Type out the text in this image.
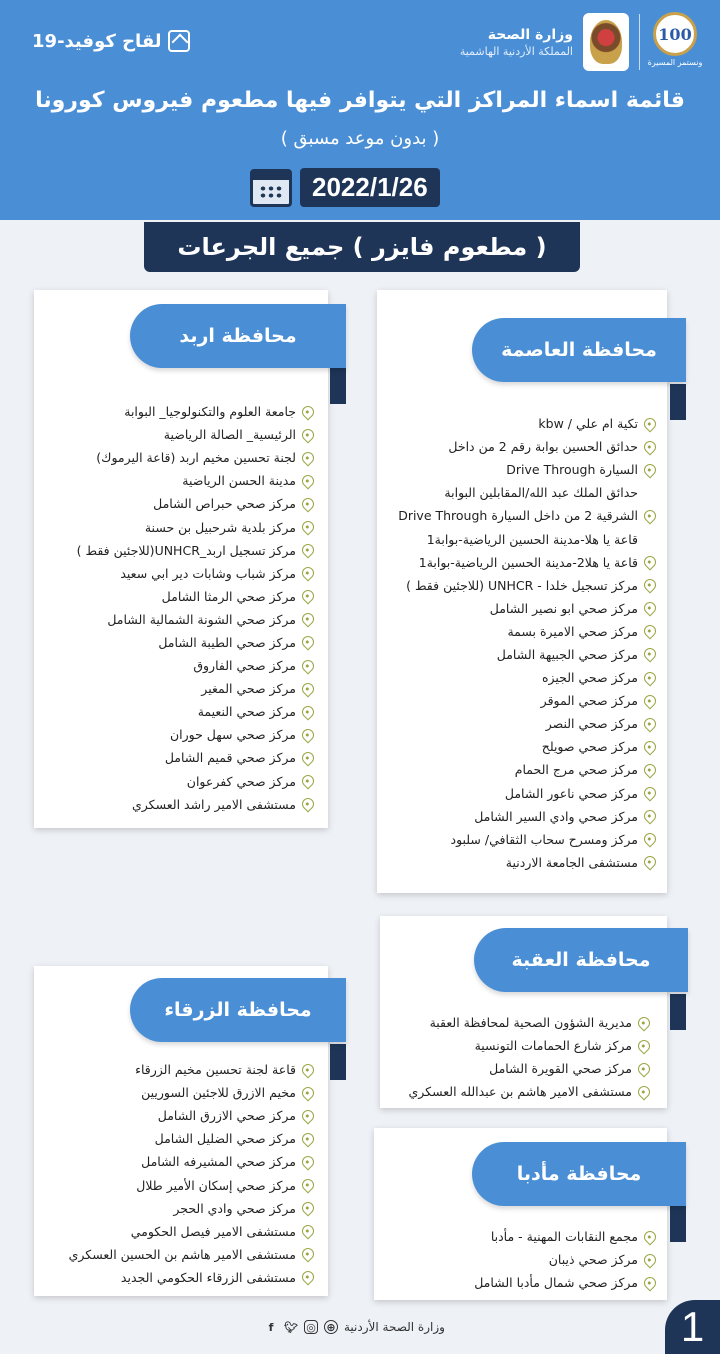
100
ونستمر المسيرة
وزارة الصحة
المملكة الأردنية الهاشمية
لقاح كوفيد-19
قائمة اسماء المراكز التي يتوافر فيها مطعوم فيروس كورونا
( بدون موعد مسبق )
2022/1/26
( مطعوم فايزر ) جميع الجرعات
محافظة العاصمة
تكية ام علي / kbw
حدائق الحسين بوابة رقم 2 من داخل
السيارة Drive Through
حدائق الملك عبد الله/المقابلين البوابة
الشرقية 2 من داخل السيارة Drive Through
قاعة يا هلا-مدينة الحسين الرياضية-بوابة1
قاعة يا هلا2-مدينة الحسين الرياضية-بوابة1
مركز تسجيل خلدا - UNHCR (للاجئين فقط )
مركز صحي ابو نصير الشامل
مركز صحي الاميرة بسمة
مركز صحي الجبيهة الشامل
مركز صحي الجيزه
مركز صحي الموقر
مركز صحي النصر
مركز صحي صويلح
مركز صحي مرج الحمام
مركز صحي ناعور الشامل
مركز صحي وادي السير الشامل
مركز ومسرح سحاب الثقافي/ سلبود
مستشفى الجامعة الاردنية
محافظة اربد
جامعة العلوم والتكنولوجيا_ البوابة
الرئيسية_ الصالة الرياضية
لجنة تحسين مخيم اربد (قاعة اليرموك)
مدينة الحسن الرياضية
مركز صحي حبراص الشامل
مركز بلدية شرحبيل بن حسنة
مركز تسجيل اربد_UNHCR(للاجئين فقط )
مركز شباب وشابات دير ابي سعيد
مركز صحي الرمثا الشامل
مركز صحي الشونة الشمالية الشامل
مركز صحي الطيبة الشامل
مركز صحي الفاروق
مركز صحي المغير
مركز صحي النعيمة
مركز صحي سهل حوران
مركز صحي قميم الشامل
مركز صحي كفرعوان
مستشفى الامير راشد العسكري
محافظة العقبة
مديرية الشؤون الصحية لمحافظة العقبة
مركز شارع الحمامات التونسية
مركز صحي القويرة الشامل
مستشفى الامير هاشم بن عبدالله العسكري
محافظة الزرقاء
قاعة لجنة تحسين مخيم الزرقاء
مخيم الازرق للاجئين السوريين
مركز صحي الازرق الشامل
مركز صحي الضليل الشامل
مركز صحي المشيرفه الشامل
مركز صحي إسكان الأمير طلال
مركز صحي وادي الحجر
مستشفى الامير فيصل الحكومي
مستشفى الامير هاشم بن الحسين العسكري
مستشفى الزرقاء الحكومي الجديد
محافظة مأدبا
مجمع النقابات المهنية - مأدبا
مركز صحي ذيبان
مركز صحي شمال مأدبا الشامل
وزارة الصحة الأردنية
⊕
◎
🐦︎
f	1
